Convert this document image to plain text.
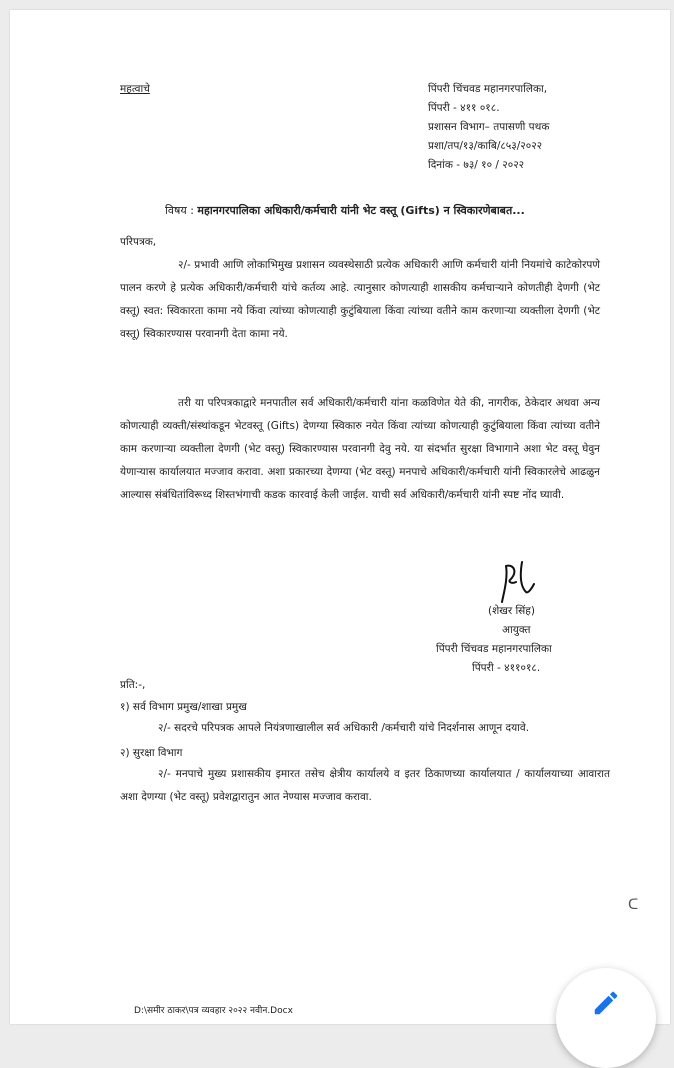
महत्वाचे	पिंपरी चिंचवड महानगरपालिका,
पिंपरी - ४११ ०१८.
प्रशासन विभाग– तपासणी पथक
प्रशा/तप/१३/काबि/८५३/२०२२
दिनांक - ७३/ १० / २०२२
विषय : महानगरपालिका अधिकारी/कर्मचारी यांनी भेट वस्तू (Gifts) न स्विकारणेबाबत...
परिपत्रक,
२/- प्रभावी आणि लोकाभिमुख प्रशासन व्यवस्थेसाठी प्रत्येक अधिकारी आणि कर्मचारी यांनी नियमांचे काटेकोरपणे पालन करणे हे प्रत्येक अधिकारी/कर्मचारी यांचे कर्तव्य आहे. त्यानुसार कोणत्याही शासकीय कर्मचाऱ्याने कोणतीही देणगी (भेट वस्तू) स्वत: स्विकारता कामा नये किंवा त्यांच्या कोणत्याही कुटुंबियाला किंवा त्यांच्या वतीने काम करणाऱ्या व्यक्तीला देणगी (भेट वस्तू) स्विकारण्यास परवानगी देता कामा नये.
तरी या परिपत्रकाद्वारे मनपातील सर्व अधिकारी/कर्मचारी यांना कळविणेत येते की, नागरीक, ठेकेदार अथवा अन्य कोणत्याही व्यक्ती/संस्थांकडून भेटवस्तू (Gifts) देणग्या स्विकारु नयेत किंवा त्यांच्या कोणत्याही कुटुंबियाला किंवा त्यांच्या वतीने काम करणाऱ्या व्यक्तीला देणगी (भेट वस्तू) स्विकारण्यास परवानगी देवु नये. या संदर्भात सुरक्षा विभागाने अशा भेट वस्तू घेवुन येणाऱ्यास कार्यालयात मज्जाव करावा. अशा प्रकारच्या देणग्या (भेट वस्तू) मनपाचे अधिकारी/कर्मचारी यांनी स्विकारलेचे आढळुन आल्यास संबंधितांविरूध्द शिस्तभंगाची कडक कारवाई केली जाईल. याची सर्व अधिकारी/कर्मचारी यांनी स्पष्ट नोंद घ्यावी.
(शेखर सिंह)
आयुक्त
पिंपरी चिंचवड महानगरपालिका
पिंपरी - ४११०१८.
प्रति:-,
१) सर्व विभाग प्रमुख/शाखा प्रमुख
२/- सदरचे परिपत्रक आपले नियंत्रणाखालील सर्व अधिकारी /कर्मचारी यांचे निदर्शनास आणून दयावे.
२) सुरक्षा विभाग
२/- मनपाचे मुख्य प्रशासकीय इमारत तसेच क्षेत्रीय कार्यालये व इतर ठिकाणच्या कार्यालयात / कार्यालयाच्या आवारात अशा देणग्या (भेट वस्तू) प्रवेशद्वारातुन आत नेण्यास मज्जाव करावा.
ᑕ
D:\समीर ठाकर\पत्र व्यवहार २०२२ नवीन.Docx
